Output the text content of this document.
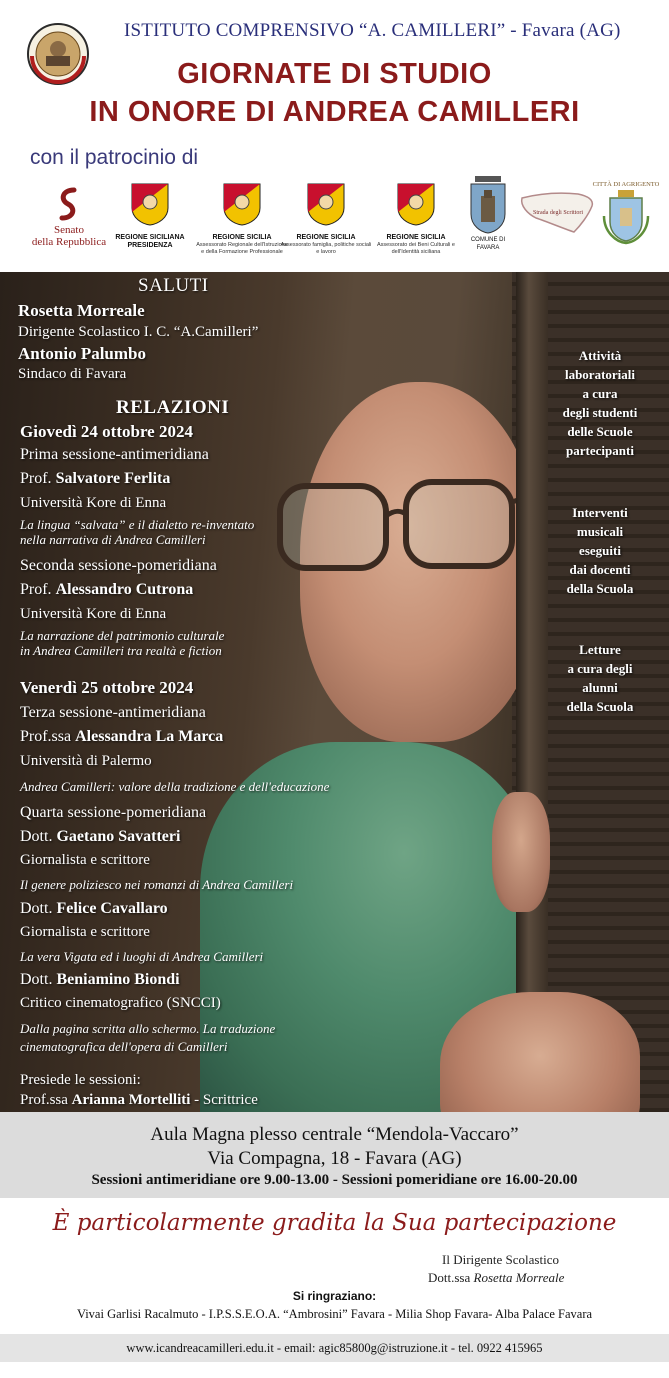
ISTITUTO COMPRENSIVO “A. CAMILLERI” - Favara (AG)
GIORNATE DI STUDIO
IN ONORE DI ANDREA CAMILLERI
con il patrocinio di
Senato
della Repubblica	REGIONE SICILIANA
PRESIDENZA
REGIONE SICILIA
Assessorato Regionale dell'Istruzione e della Formazione Professionale
REGIONE SICILIA
Assessorato famiglia, politiche sociali e lavoro
REGIONE SICILIA
Assessorato dei Beni Culturali e dell'Identità siciliana
COMUNE DI
FAVARA
Strada degli Scrittori
CITTÀ DI AGRIGENTO
SALUTI
Rosetta Morreale
Dirigente Scolastico I. C. “A.Camilleri”
Antonio Palumbo
Sindaco di Favara
RELAZIONI
Giovedì 24 ottobre 2024
Prima sessione-antimeridiana
Prof. Salvatore Ferlita
Università Kore di Enna
La lingua “salvata” e il dialetto re-inventato
nella narrativa di Andrea Camilleri
Seconda sessione-pomeridiana
Prof. Alessandro Cutrona
Università Kore di Enna
La narrazione del patrimonio culturale
in Andrea Camilleri tra realtà e fiction
Venerdì 25 ottobre 2024
Terza sessione-antimeridiana
Prof.ssa Alessandra La Marca
Università di Palermo
Andrea Camilleri: valore della tradizione e dell'educazione
Quarta sessione-pomeridiana
Dott. Gaetano Savatteri
Giornalista e scrittore
Il genere poliziesco nei romanzi di Andrea Camilleri
Dott. Felice Cavallaro
Giornalista e scrittore
La vera Vigata ed i luoghi di Andrea Camilleri
Dott. Beniamino Biondi
Critico cinematografico (SNCCI)
Dalla pagina scritta allo schermo. La traduzione
cinematografica dell'opera di Camilleri
Presiede le sessioni:
Prof.ssa Arianna Mortelliti - Scrittrice
Attività
laboratoriali
a cura
degli studenti
delle Scuole
partecipanti
Interventi
musicali
eseguiti
dai docenti
della Scuola
Letture
a cura degli
alunni
della Scuola
Aula Magna plesso centrale “Mendola-Vaccaro”
Via Compagna, 18 - Favara (AG)
Sessioni antimeridiane ore 9.00-13.00 - Sessioni pomeridiane ore 16.00-20.00
È particolarmente gradita la Sua partecipazione
Il Dirigente Scolastico
Dott.ssa Rosetta Morreale
Si ringraziano:
Vivai Garlisi Racalmuto - I.P.S.S.E.O.A. “Ambrosini” Favara - Milia Shop Favara- Alba Palace Favara
www.icandreacamilleri.edu.it - email: agic85800g@istruzione.it - tel. 0922 415965
